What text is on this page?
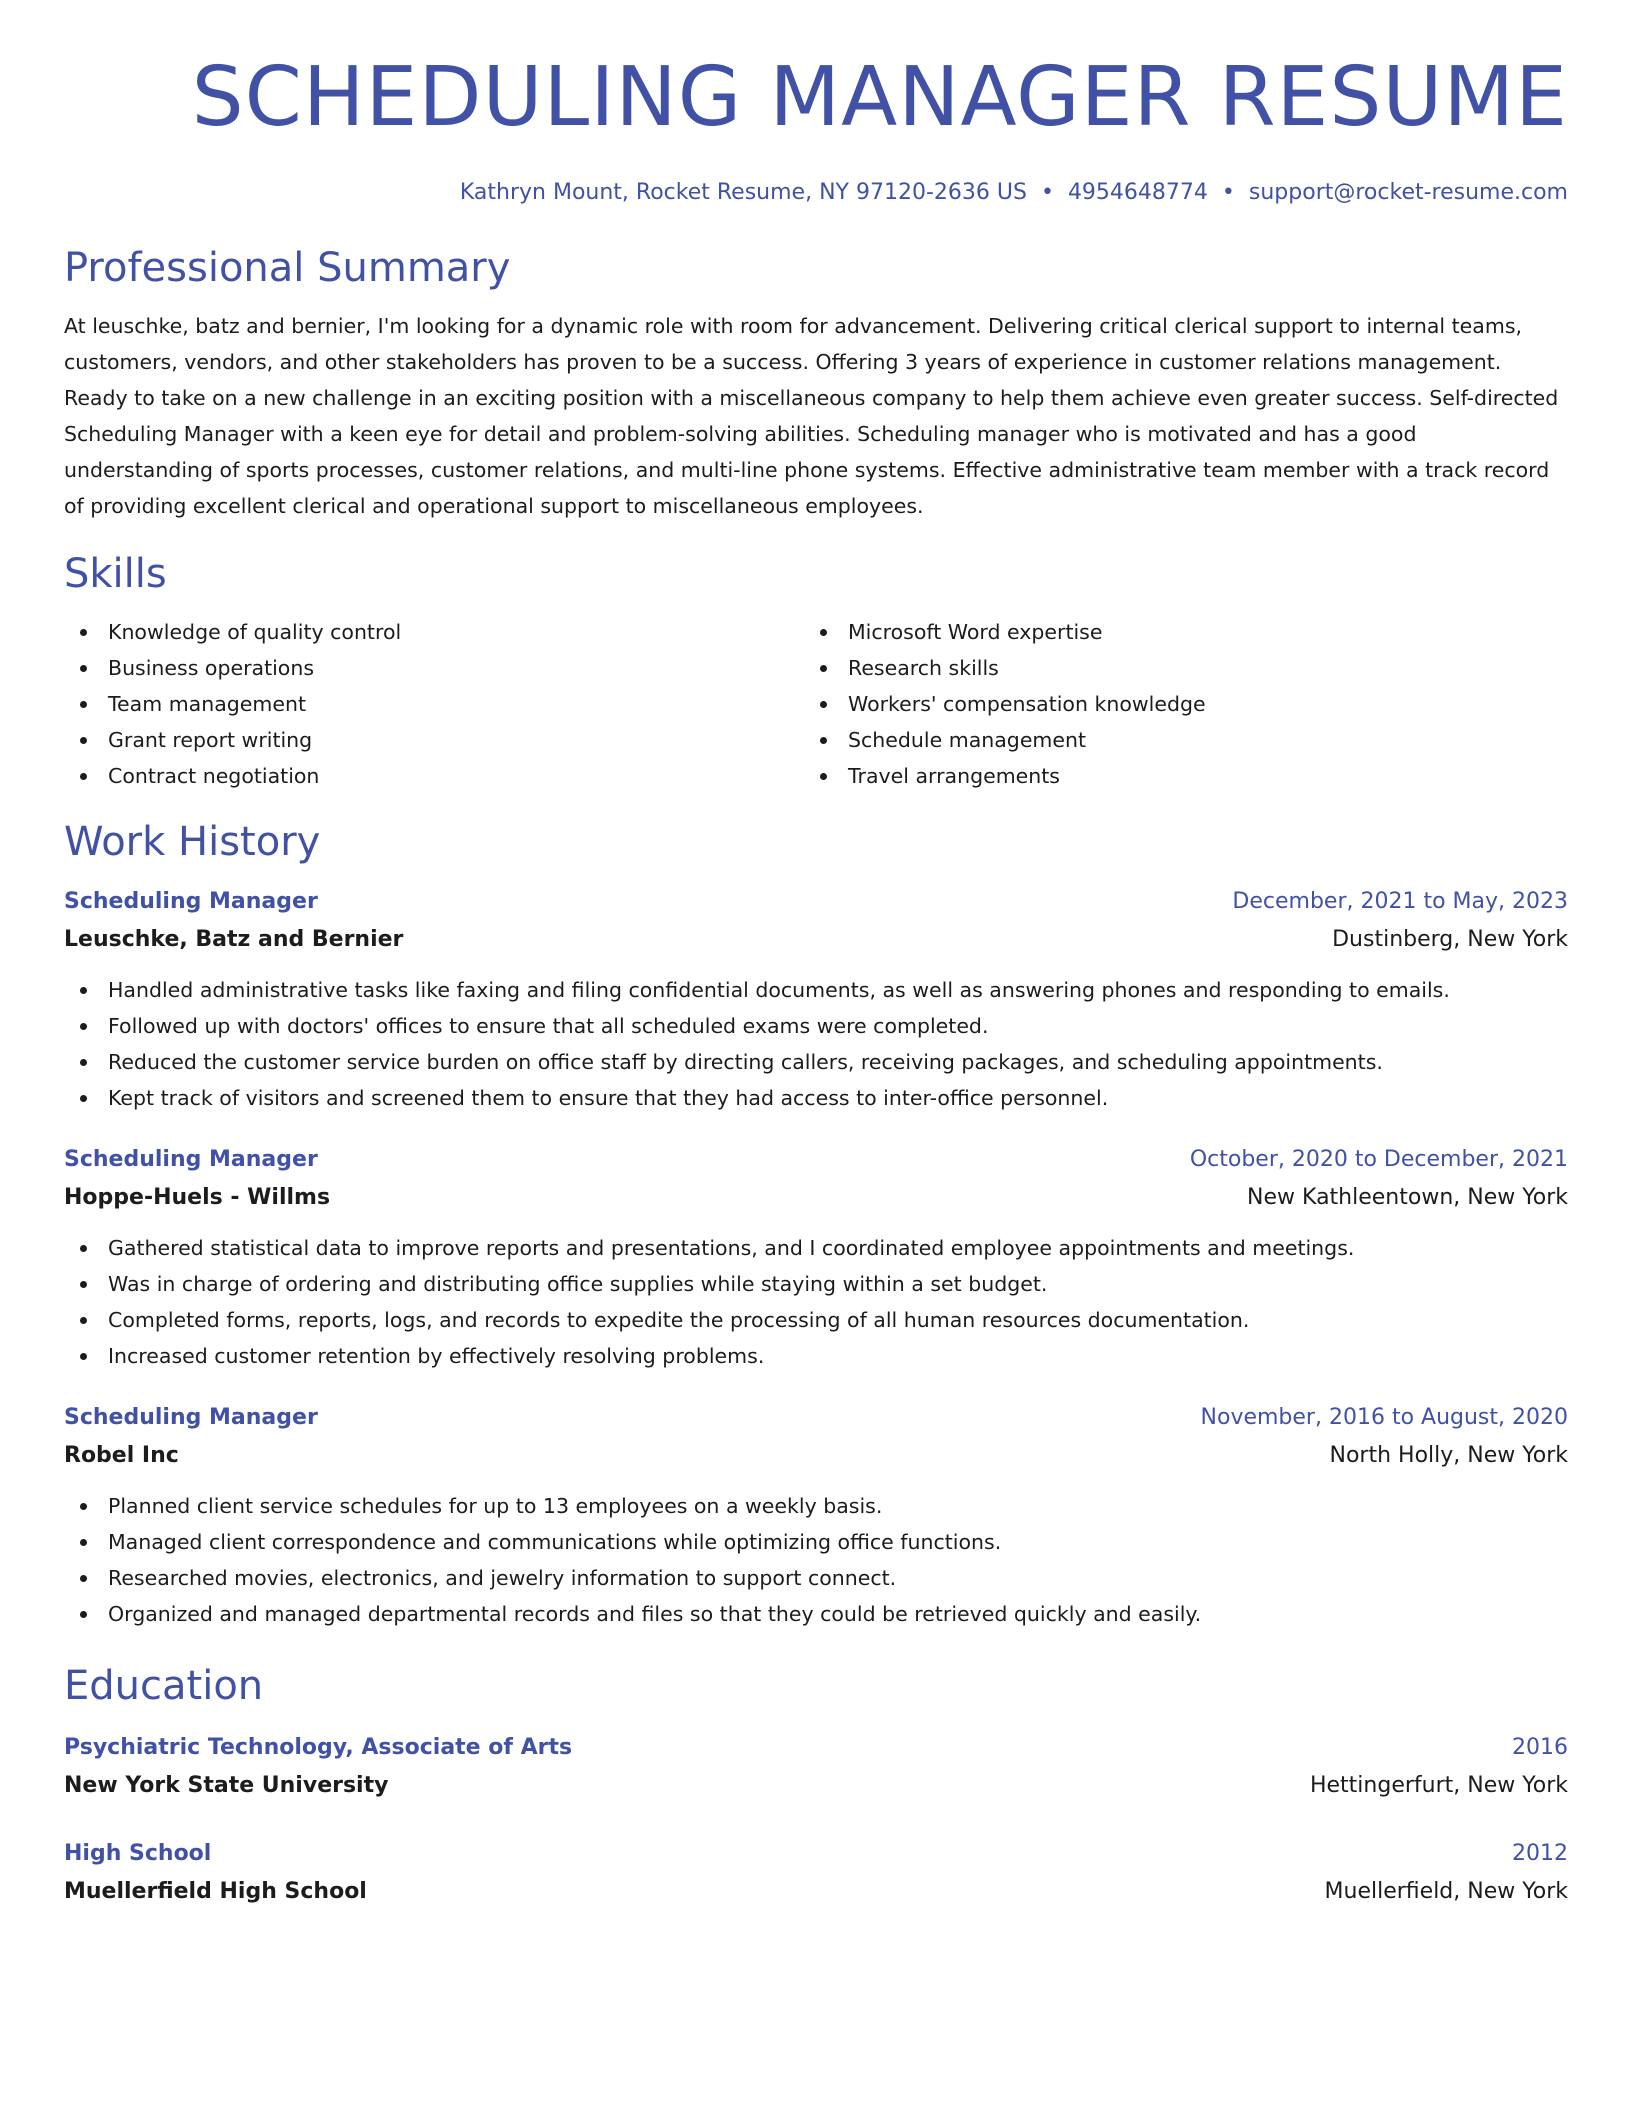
SCHEDULING MANAGER RESUME
Kathryn Mount, Rocket Resume, NY 97120-2636 US • 4954648774 • support@rocket-resume.com
Professional Summary

At leuschke, batz and bernier, I'm looking for a dynamic role with room for advancement. Delivering critical clerical support to internal teams, customers, vendors, and other stakeholders has proven to be a success. Offering 3 years of experience in customer relations management. Ready to take on a new challenge in an exciting position with a miscellaneous company to help them achieve even greater success. Self-directed Scheduling Manager with a keen eye for detail and problem-solving abilities. Scheduling manager who is motivated and has a good understanding of sports processes, customer relations, and multi-line phone systems. Effective administrative team member with a track record of providing excellent clerical and operational support to miscellaneous employees.

Skills
Knowledge of quality control
Business operations
Team management
Grant report writing
Contract negotiation
Microsoft Word expertise
Research skills
Workers' compensation knowledge
Schedule management
Travel arrangements
Work History
Scheduling Manager	December, 2021 to May, 2023
Leuschke, Batz and Bernier	Dustinberg, New York
Handled administrative tasks like faxing and filing confidential documents, as well as answering phones and responding to emails.
Followed up with doctors' offices to ensure that all scheduled exams were completed.
Reduced the customer service burden on office staff by directing callers, receiving packages, and scheduling appointments.
Kept track of visitors and screened them to ensure that they had access to inter-office personnel.
Scheduling Manager	October, 2020 to December, 2021
Hoppe-Huels - Willms	New Kathleentown, New York
Gathered statistical data to improve reports and presentations, and I coordinated employee appointments and meetings.
Was in charge of ordering and distributing office supplies while staying within a set budget.
Completed forms, reports, logs, and records to expedite the processing of all human resources documentation.
Increased customer retention by effectively resolving problems.
Scheduling Manager	November, 2016 to August, 2020
Robel Inc	North Holly, New York
Planned client service schedules for up to 13 employees on a weekly basis.
Managed client correspondence and communications while optimizing office functions.
Researched movies, electronics, and jewelry information to support connect.
Organized and managed departmental records and files so that they could be retrieved quickly and easily.
Education
Psychiatric Technology, Associate of Arts	2016
New York State University	Hettingerfurt, New York
High School	2012
Muellerfield High School	Muellerfield, New York
